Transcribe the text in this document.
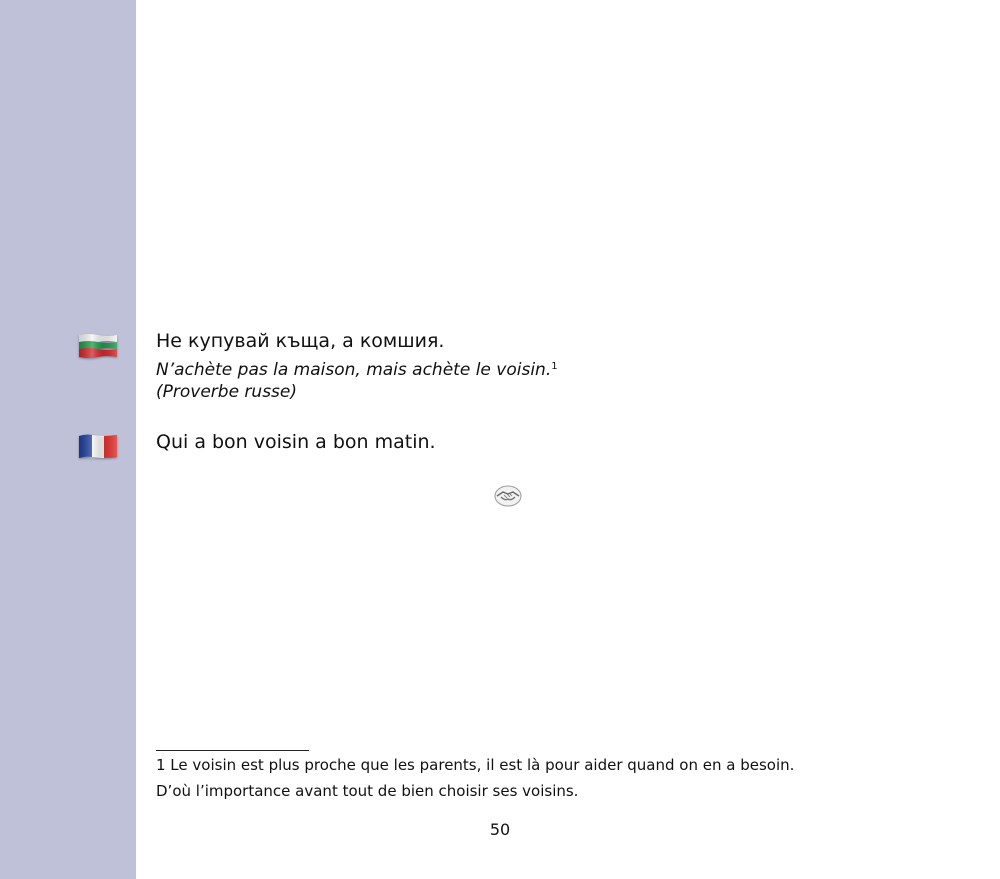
Не купувай къща, а комшия.

N’achète pas la maison, mais achète le voisin.$^1$

(Proverbe russe)

Qui a bon voisin a bon matin.

1 Le voisin est plus proche que les parents, il est là pour aider quand on en a besoin.

D’où l’importance avant tout de bien choisir ses voisins.

50
